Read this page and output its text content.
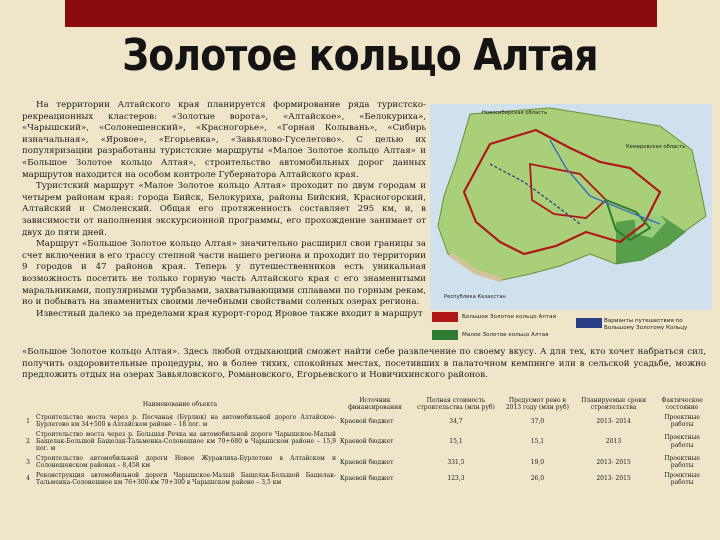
Золотое кольцо Алтая

На территории Алтайского края планируется формирование ряда туристско-рекреационных кластеров: «Золотые ворота», «Алтайское», «Белокуриха», «Чарышский», «Солонешенский», «Красногорье», «Горная Колывань», «Сибирь изначальная», «Яровое», «Егорьевка», «Завьялово-Гуселетово». С целью их популяризации разработаны туристские маршруты «Малое Золотое кольцо Алтая» и «Большое Золотое кольцо Алтая», строительство автомобильных дорог данных маршрутов находится на особом контроле Губернатора Алтайского края.

Туристский маршрут «Малое Золотое кольцо Алтая» проходит по двум городам и четырем районам края: города Бийск, Белокуриха, районы Бийский, Красногорский, Алтайский и Смоленский. Общая его протяженность составляет 295 км, и, в зависимости от наполнения экскурсионной программы, его прохождение занимает от двух до пяти дней.

Маршрут «Большое Золотое кольцо Алтая» значительно расширил свои границы за счет включения в его трассу степной части нашего региона и проходит по территории 9 городов и 47 районов края. Теперь у путешественников есть уникальная возможность посетить не только горную часть Алтайского края с его знаменитыми маральниками, популярными турбазами, захватывающими сплавами по горным рекам, но и побывать на знаменитых своими лечебными свойствами соленых озерах региона.

Известный далеко за пределами края курорт-город Яровое также входит в маршрут

Новосибирская область
Кемеровская область
Республика Казахстан
Большое Золотое кольцо Алтая
Малое Золотое кольцо Алтая
Варианты путешествия по Большому Золотому Кольцу
«Большое Золотое кольцо Алтая». Здесь любой отдыхающий сможет найти себе развлечение по своему вкусу. А для тех, кто хочет набраться сил, получить оздоровительные процедуры, но в более тихих, спокойных местах, посетивших в палаточном кемпинге или в сельской усадьбе, можно предложить отдых на озерах Завьяловского, Романовского, Егорьевского и Новичихинского районов.
Наименование объекта		Источник финансирования	Полная стоимость строительства (млн руб)	Предусмот рено в 2013 году (млн руб)	Планируемые сроки строительства	Фактическое состояние
1	Строительство моста через р. Песчаная (Бурлюк) на автомобильной дороге Алтайское-Бурлетово км 34+500 в Алтайском районе – 18 пог. м	Краевой бюджет	34,7	37,0	2013- 2014	Проектные работы
2	Строительство моста через р. Большая Речка на автомобильной дороге Чарышское-Малый Бащелак-Большой Бащелак-Тальменка-Солонешное км 70+680 в Чарышском районе – 15,9 пог. м	Краевой бюджет	15,1	15,1	2013	Проектные работы
3	Строительство автомобильной дороги Новое Журавлиха-Бурлетово в Алтайском и Солонешенском районах – 8,458 км	Краевой бюджет	331,5	19,0	2013- 2015	Проектные работы
4	Реконструкция автомобильной дороги Чарышское-Малый Бащелак-Большой Бащелак-Тальменка-Солонешное км 76+300-км 79+300 в Чарышском районе – 3,5 км	Краевой бюджет	123,3	26,0	2013- 2015	Проектные работы
